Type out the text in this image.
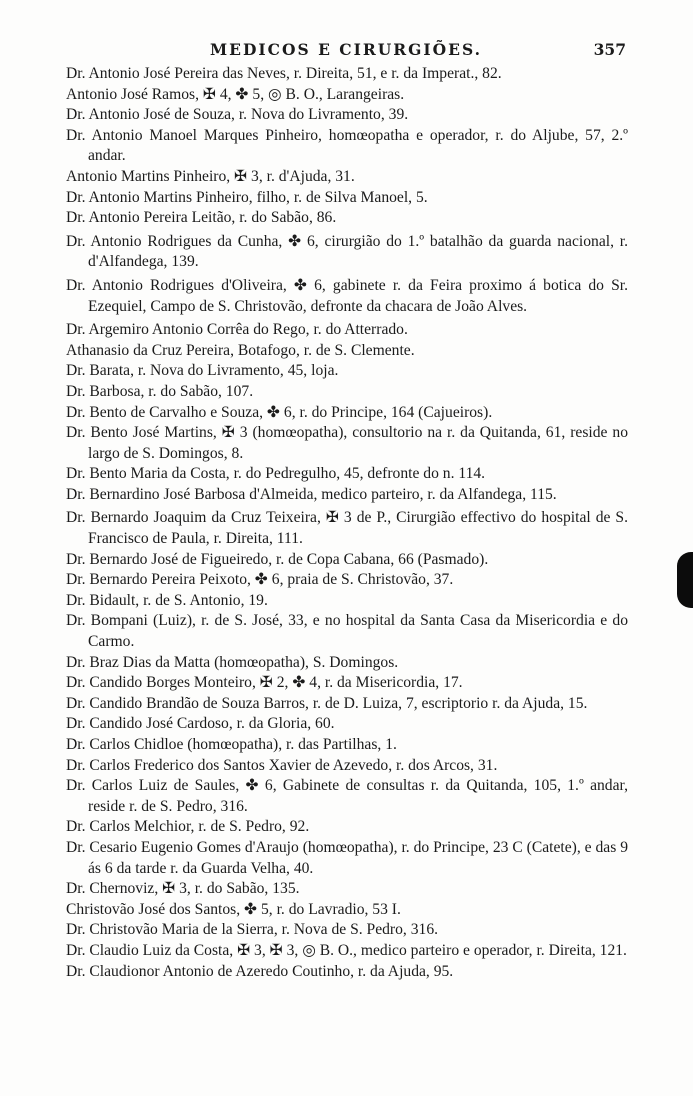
MEDICOS E CIRURGIÕES.	357
Dr. Antonio José Pereira das Neves, r. Direita, 51, e r. da Imperat., 82.
Antonio José Ramos, ✠ 4, ✤ 5, ◎ B. O., Larangeiras.
Dr. Antonio José de Souza, r. Nova do Livramento, 39.
Dr. Antonio Manoel Marques Pinheiro, homœopatha e operador, r. do Aljube, 57, 2.º andar.
Antonio Martins Pinheiro, ✠ 3, r. d'Ajuda, 31.
Dr. Antonio Martins Pinheiro, filho, r. de Silva Manoel, 5.
Dr. Antonio Pereira Leitão, r. do Sabão, 86.
Dr. Antonio Rodrigues da Cunha, ✤ 6, cirurgião do 1.º batalhão da guarda nacional, r. d'Alfandega, 139.
Dr. Antonio Rodrigues d'Oliveira, ✤ 6, gabinete r. da Feira proximo á botica do Sr. Ezequiel, Campo de S. Christovão, defronte da chacara de João Alves.
Dr. Argemiro Antonio Corrêa do Rego, r. do Atterrado.
Athanasio da Cruz Pereira, Botafogo, r. de S. Clemente.
Dr. Barata, r. Nova do Livramento, 45, loja.
Dr. Barbosa, r. do Sabão, 107.
Dr. Bento de Carvalho e Souza, ✤ 6, r. do Principe, 164 (Cajueiros).
Dr. Bento José Martins, ✠ 3 (homœopatha), consultorio na r. da Quitanda, 61, reside no largo de S. Domingos, 8.
Dr. Bento Maria da Costa, r. do Pedregulho, 45, defronte do n. 114.
Dr. Bernardino José Barbosa d'Almeida, medico parteiro, r. da Alfandega, 115.
Dr. Bernardo Joaquim da Cruz Teixeira, ✠ 3 de P., Cirurgião effectivo do hospital de S. Francisco de Paula, r. Direita, 111.
Dr. Bernardo José de Figueiredo, r. de Copa Cabana, 66 (Pasmado).
Dr. Bernardo Pereira Peixoto, ✤ 6, praia de S. Christovão, 37.
Dr. Bidault, r. de S. Antonio, 19.
Dr. Bompani (Luiz), r. de S. José, 33, e no hospital da Santa Casa da Misericordia e do Carmo.
Dr. Braz Dias da Matta (homœopatha), S. Domingos.
Dr. Candido Borges Monteiro, ✠ 2, ✤ 4, r. da Misericordia, 17.
Dr. Candido Brandão de Souza Barros, r. de D. Luiza, 7, escriptorio r. da Ajuda, 15.
Dr. Candido José Cardoso, r. da Gloria, 60.
Dr. Carlos Chidloe (homœopatha), r. das Partilhas, 1.
Dr. Carlos Frederico dos Santos Xavier de Azevedo, r. dos Arcos, 31.
Dr. Carlos Luiz de Saules, ✤ 6, Gabinete de consultas r. da Quitanda, 105, 1.º andar, reside r. de S. Pedro, 316.
Dr. Carlos Melchior, r. de S. Pedro, 92.
Dr. Cesario Eugenio Gomes d'Araujo (homœopatha), r. do Principe, 23 C (Catete), e das 9 ás 6 da tarde r. da Guarda Velha, 40.
Dr. Chernoviz, ✠ 3, r. do Sabão, 135.
Christovão José dos Santos, ✤ 5, r. do Lavradio, 53 I.
Dr. Christovão Maria de la Sierra, r. Nova de S. Pedro, 316.
Dr. Claudio Luiz da Costa, ✠ 3, ✠ 3, ◎ B. O., medico parteiro e operador, r. Direita, 121.
Dr. Claudionor Antonio de Azeredo Coutinho, r. da Ajuda, 95.
